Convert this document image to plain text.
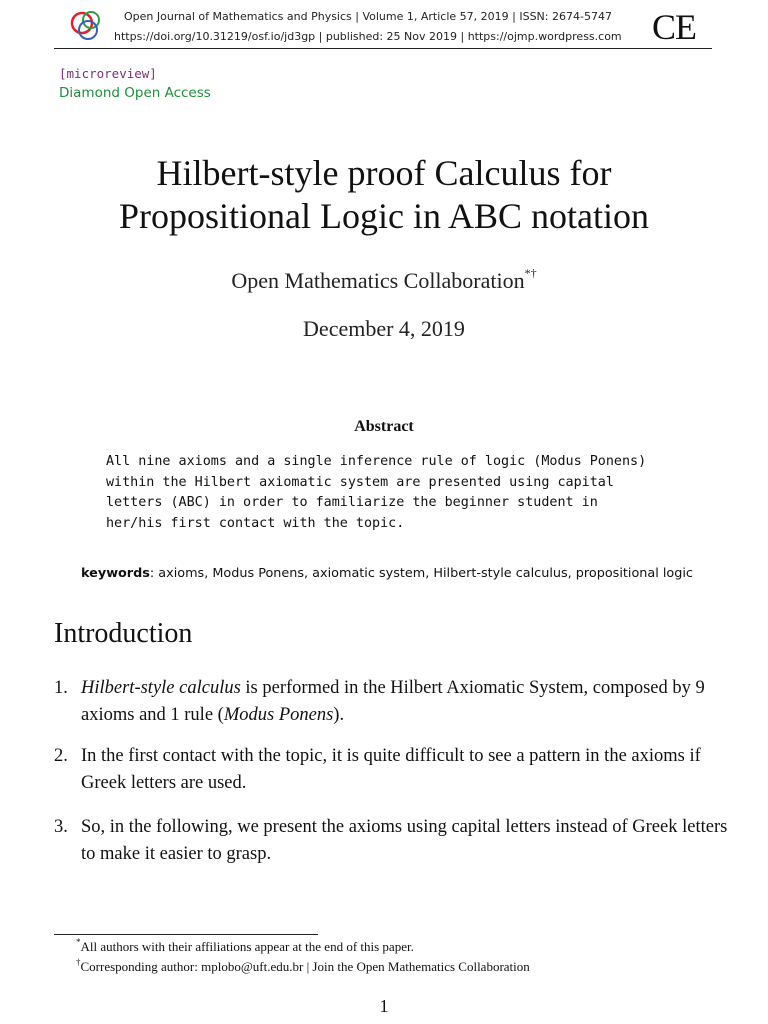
Open Journal of Mathematics and Physics | Volume 1, Article 57, 2019 | ISSN: 2674-5747
https://doi.org/10.31219/osf.io/jd3gp | published: 25 Nov 2019 | https://ojmp.wordpress.com CE
[microreview]
Diamond Open Access
Hilbert-style proof Calculus for
Propositional Logic in ABC notation
Open Mathematics Collaboration*†
December 4, 2019
Abstract
All nine axioms and a single inference rule of logic (Modus Ponens)
within the Hilbert axiomatic system are presented using capital
letters (ABC) in order to familiarize the beginner student in
her/his first contact with the topic.
keywords: axioms, Modus Ponens, axiomatic system, Hilbert-style calculus, propositional logic
Introduction
1. Hilbert-style calculus is performed in the Hilbert Axiomatic System, composed by 9 axioms and 1 rule (Modus Ponens).
2. In the first contact with the topic, it is quite difficult to see a pattern in the axioms if Greek letters are used.
3. So, in the following, we present the axioms using capital letters instead of Greek letters to make it easier to grasp.
*All authors with their affiliations appear at the end of this paper.
†Corresponding author: mplobo@uft.edu.br | Join the Open Mathematics Collaboration
1
